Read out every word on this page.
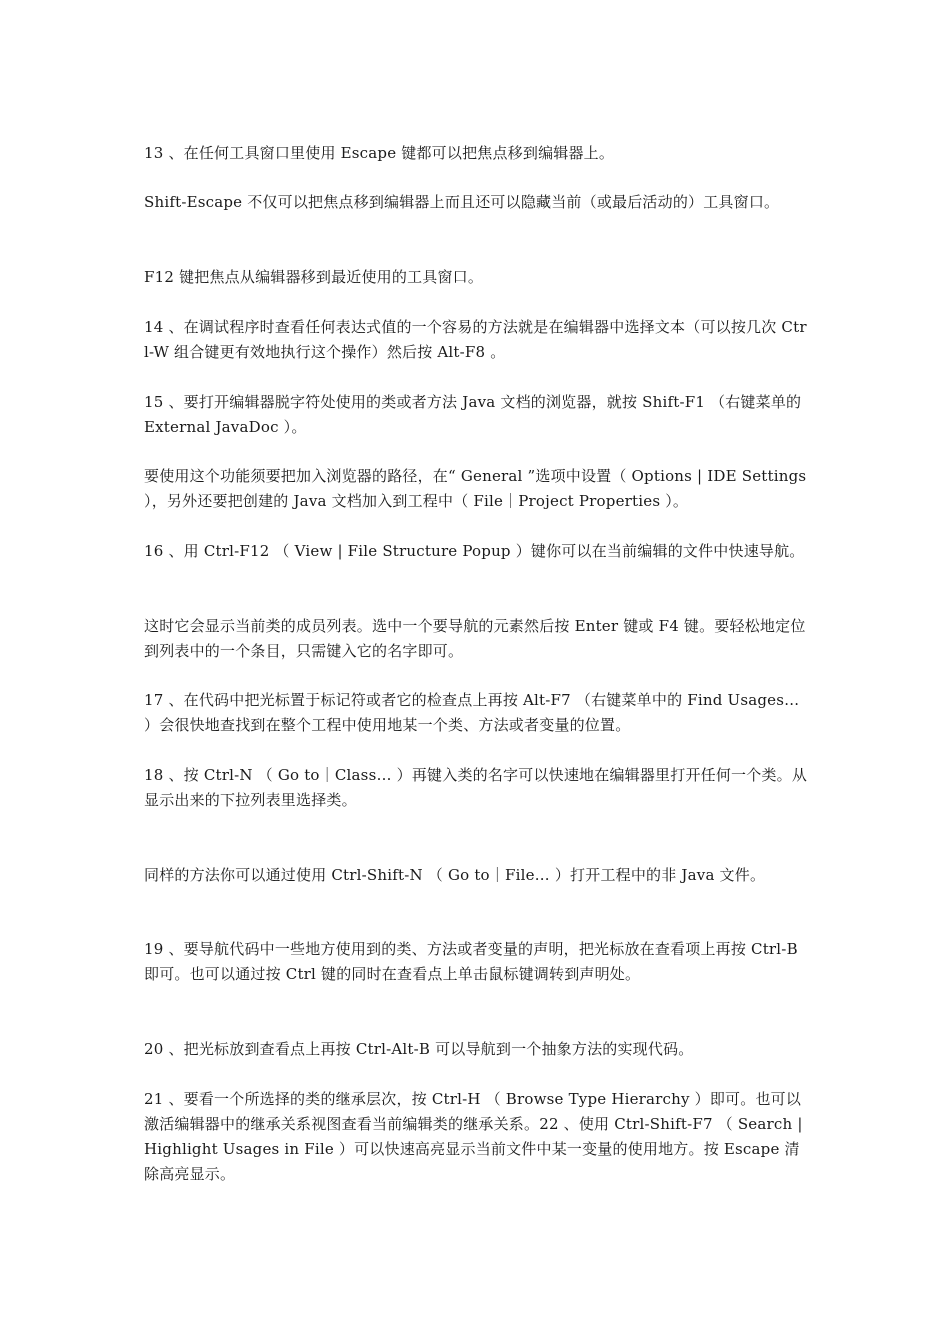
13 、在任何工具窗口里使用 Escape 键都可以把焦点移到编辑器上。

Shift-Escape 不仅可以把焦点移到编辑器上而且还可以隐藏当前（或最后活动的）工具窗口。

F12 键把焦点从编辑器移到最近使用的工具窗口。

14 、在调试程序时查看任何表达式值的一个容易的方法就是在编辑器中选择文本（可以按几次 Ctrl-W 组合键更有效地执行这个操作）然后按 Alt-F8 。

15 、要打开编辑器脱字符处使用的类或者方法 Java 文档的浏览器，就按 Shift-F1 （右键菜单的 External JavaDoc ）。

要使用这个功能须要把加入浏览器的路径，在“ General ”选项中设置（ Options | IDE Settings ），另外还要把创建的 Java 文档加入到工程中（ File｜Project Properties ）。

16 、用 Ctrl-F12 （ View | File Structure Popup ）键你可以在当前编辑的文件中快速导航。

这时它会显示当前类的成员列表。选中一个要导航的元素然后按 Enter 键或 F4 键。要轻松地定位到列表中的一个条目，只需键入它的名字即可。

17 、在代码中把光标置于标记符或者它的检查点上再按 Alt-F7 （右键菜单中的 Find Usages… ）会很快地查找到在整个工程中使用地某一个类、方法或者变量的位置。

18 、按 Ctrl-N （ Go to｜Class… ）再键入类的名字可以快速地在编辑器里打开任何一个类。从显示出来的下拉列表里选择类。

同样的方法你可以通过使用 Ctrl-Shift-N （ Go to｜File… ）打开工程中的非 Java 文件。

19 、要导航代码中一些地方使用到的类、方法或者变量的声明，把光标放在查看项上再按 Ctrl-B 即可。也可以通过按 Ctrl 键的同时在查看点上单击鼠标键调转到声明处。

20 、把光标放到查看点上再按 Ctrl-Alt-B 可以导航到一个抽象方法的实现代码。

21 、要看一个所选择的类的继承层次，按 Ctrl-H （ Browse Type Hierarchy ）即可。也可以激活编辑器中的继承关系视图查看当前编辑类的继承关系。22 、使用 Ctrl-Shift-F7 （ Search | Highlight Usages in File ）可以快速高亮显示当前文件中某一变量的使用地方。按 Escape 清除高亮显示。
